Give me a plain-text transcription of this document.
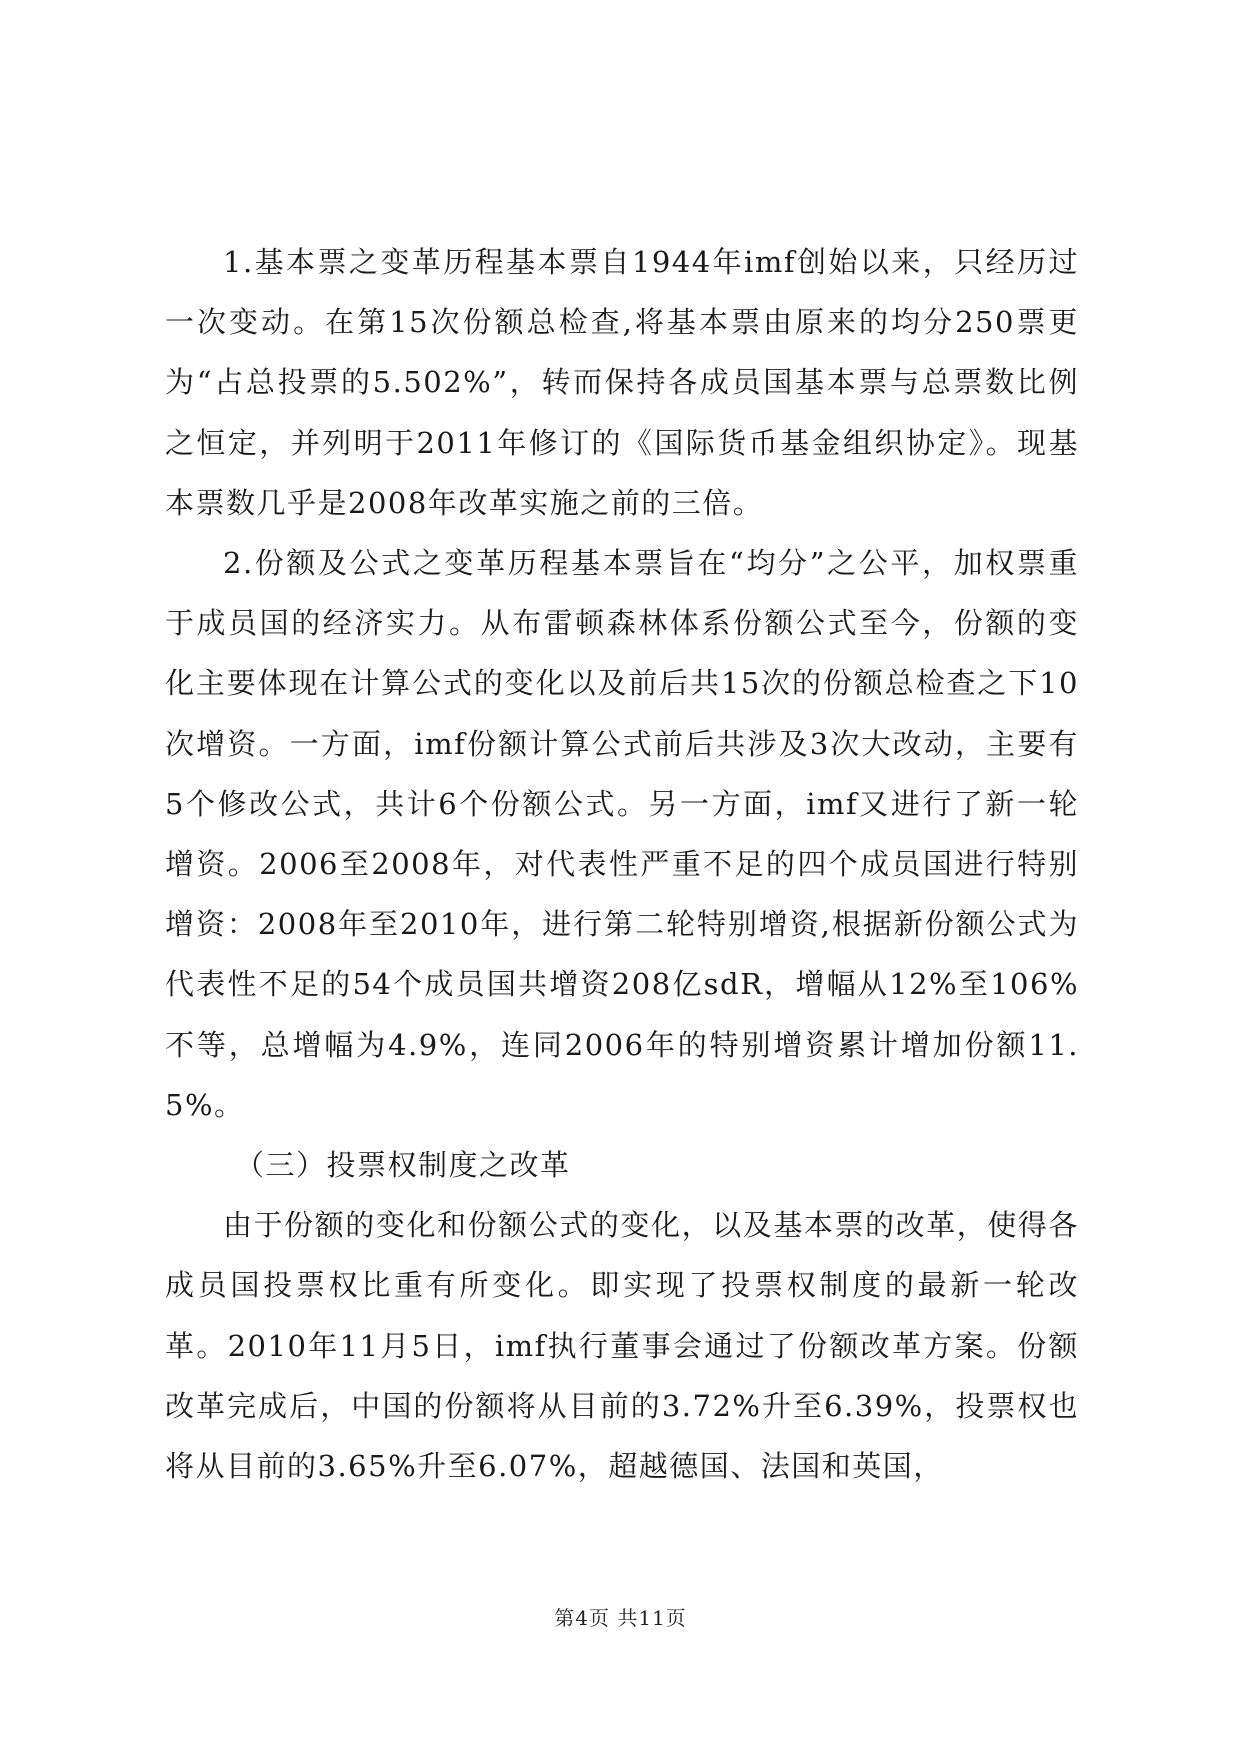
1.基本票之变革历程基本票自1944年imf创始以来，只经历过一次变动。在第15次份额总检查,将基本票由原来的均分250票更为“占总投票的5.502%”，转而保持各成员国基本票与总票数比例之恒定，并列明于2011年修订的《国际货币基金组织协定》。现基本票数几乎是2008年改革实施之前的三倍。

2.份额及公式之变革历程基本票旨在“均分”之公平，加权票重于成员国的经济实力。从布雷顿森林体系份额公式至今，份额的变化主要体现在计算公式的变化以及前后共15次的份额总检查之下10次增资。一方面，imf份额计算公式前后共涉及3次大改动，主要有5个修改公式，共计6个份额公式。另一方面，imf又进行了新一轮增资。2006至2008年，对代表性严重不足的四个成员国进行特别增资：2008年至2010年，进行第二轮特别增资,根据新份额公式为代表性不足的54个成员国共增资208亿sdR，增幅从12%至106%不等，总增幅为4.9%，连同2006年的特别增资累计增加份额11.5%。

（三）投票权制度之改革

由于份额的变化和份额公式的变化，以及基本票的改革，使得各成员国投票权比重有所变化。即实现了投票权制度的最新一轮改革。2010年11月5日，imf执行董事会通过了份额改革方案。份额改革完成后，中国的份额将从目前的3.72%升至6.39%，投票权也将从目前的3.65%升至6.07%，超越德国、法国和英国，

第4页 共11页
